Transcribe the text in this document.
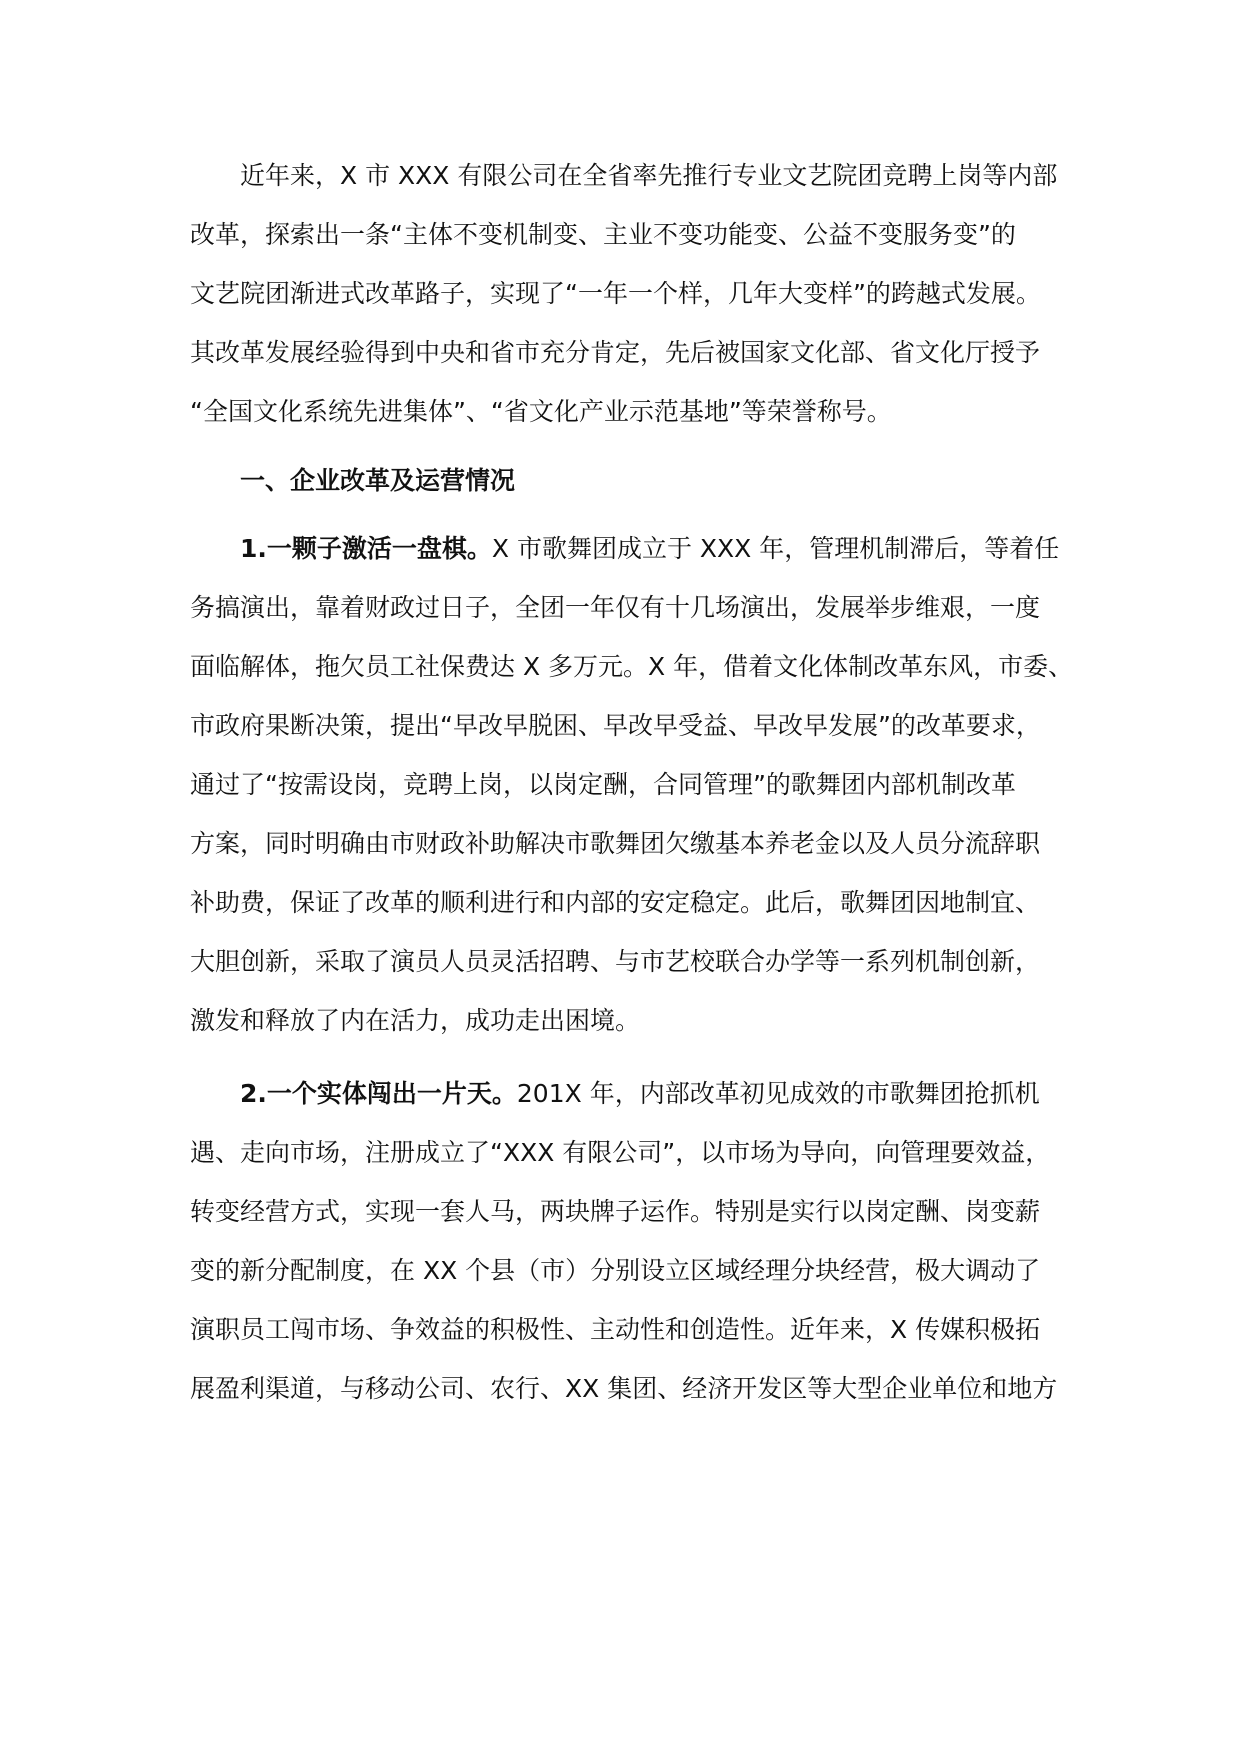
近年来，X 市 XXX 有限公司在全省率先推行专业文艺院团竞聘上岗等内部

改革，探索出一条“主体不变机制变、主业不变功能变、公益不变服务变”的

文艺院团渐进式改革路子，实现了“一年一个样，几年大变样”的跨越式发展。

其改革发展经验得到中央和省市充分肯定，先后被国家文化部、省文化厅授予

“全国文化系统先进集体”、“省文化产业示范基地”等荣誉称号。

一、企业改革及运营情况

1.一颗子激活一盘棋。X 市歌舞团成立于 XXX 年，管理机制滞后，等着任

务搞演出，靠着财政过日子，全团一年仅有十几场演出，发展举步维艰，一度

面临解体，拖欠员工社保费达 X 多万元。X 年，借着文化体制改革东风，市委、

市政府果断决策，提出“早改早脱困、早改早受益、早改早发展”的改革要求，

通过了“按需设岗，竞聘上岗，以岗定酬，合同管理”的歌舞团内部机制改革

方案，同时明确由市财政补助解决市歌舞团欠缴基本养老金以及人员分流辞职

补助费，保证了改革的顺利进行和内部的安定稳定。此后，歌舞团因地制宜、

大胆创新，采取了演员人员灵活招聘、与市艺校联合办学等一系列机制创新，

激发和释放了内在活力，成功走出困境。

2.一个实体闯出一片天。201X 年，内部改革初见成效的市歌舞团抢抓机

遇、走向市场，注册成立了“XXX 有限公司”，以市场为导向，向管理要效益，

转变经营方式，实现一套人马，两块牌子运作。特别是实行以岗定酬、岗变薪

变的新分配制度，在 XX 个县（市）分别设立区域经理分块经营，极大调动了

演职员工闯市场、争效益的积极性、主动性和创造性。近年来，X 传媒积极拓

展盈利渠道，与移动公司、农行、XX 集团、经济开发区等大型企业单位和地方
